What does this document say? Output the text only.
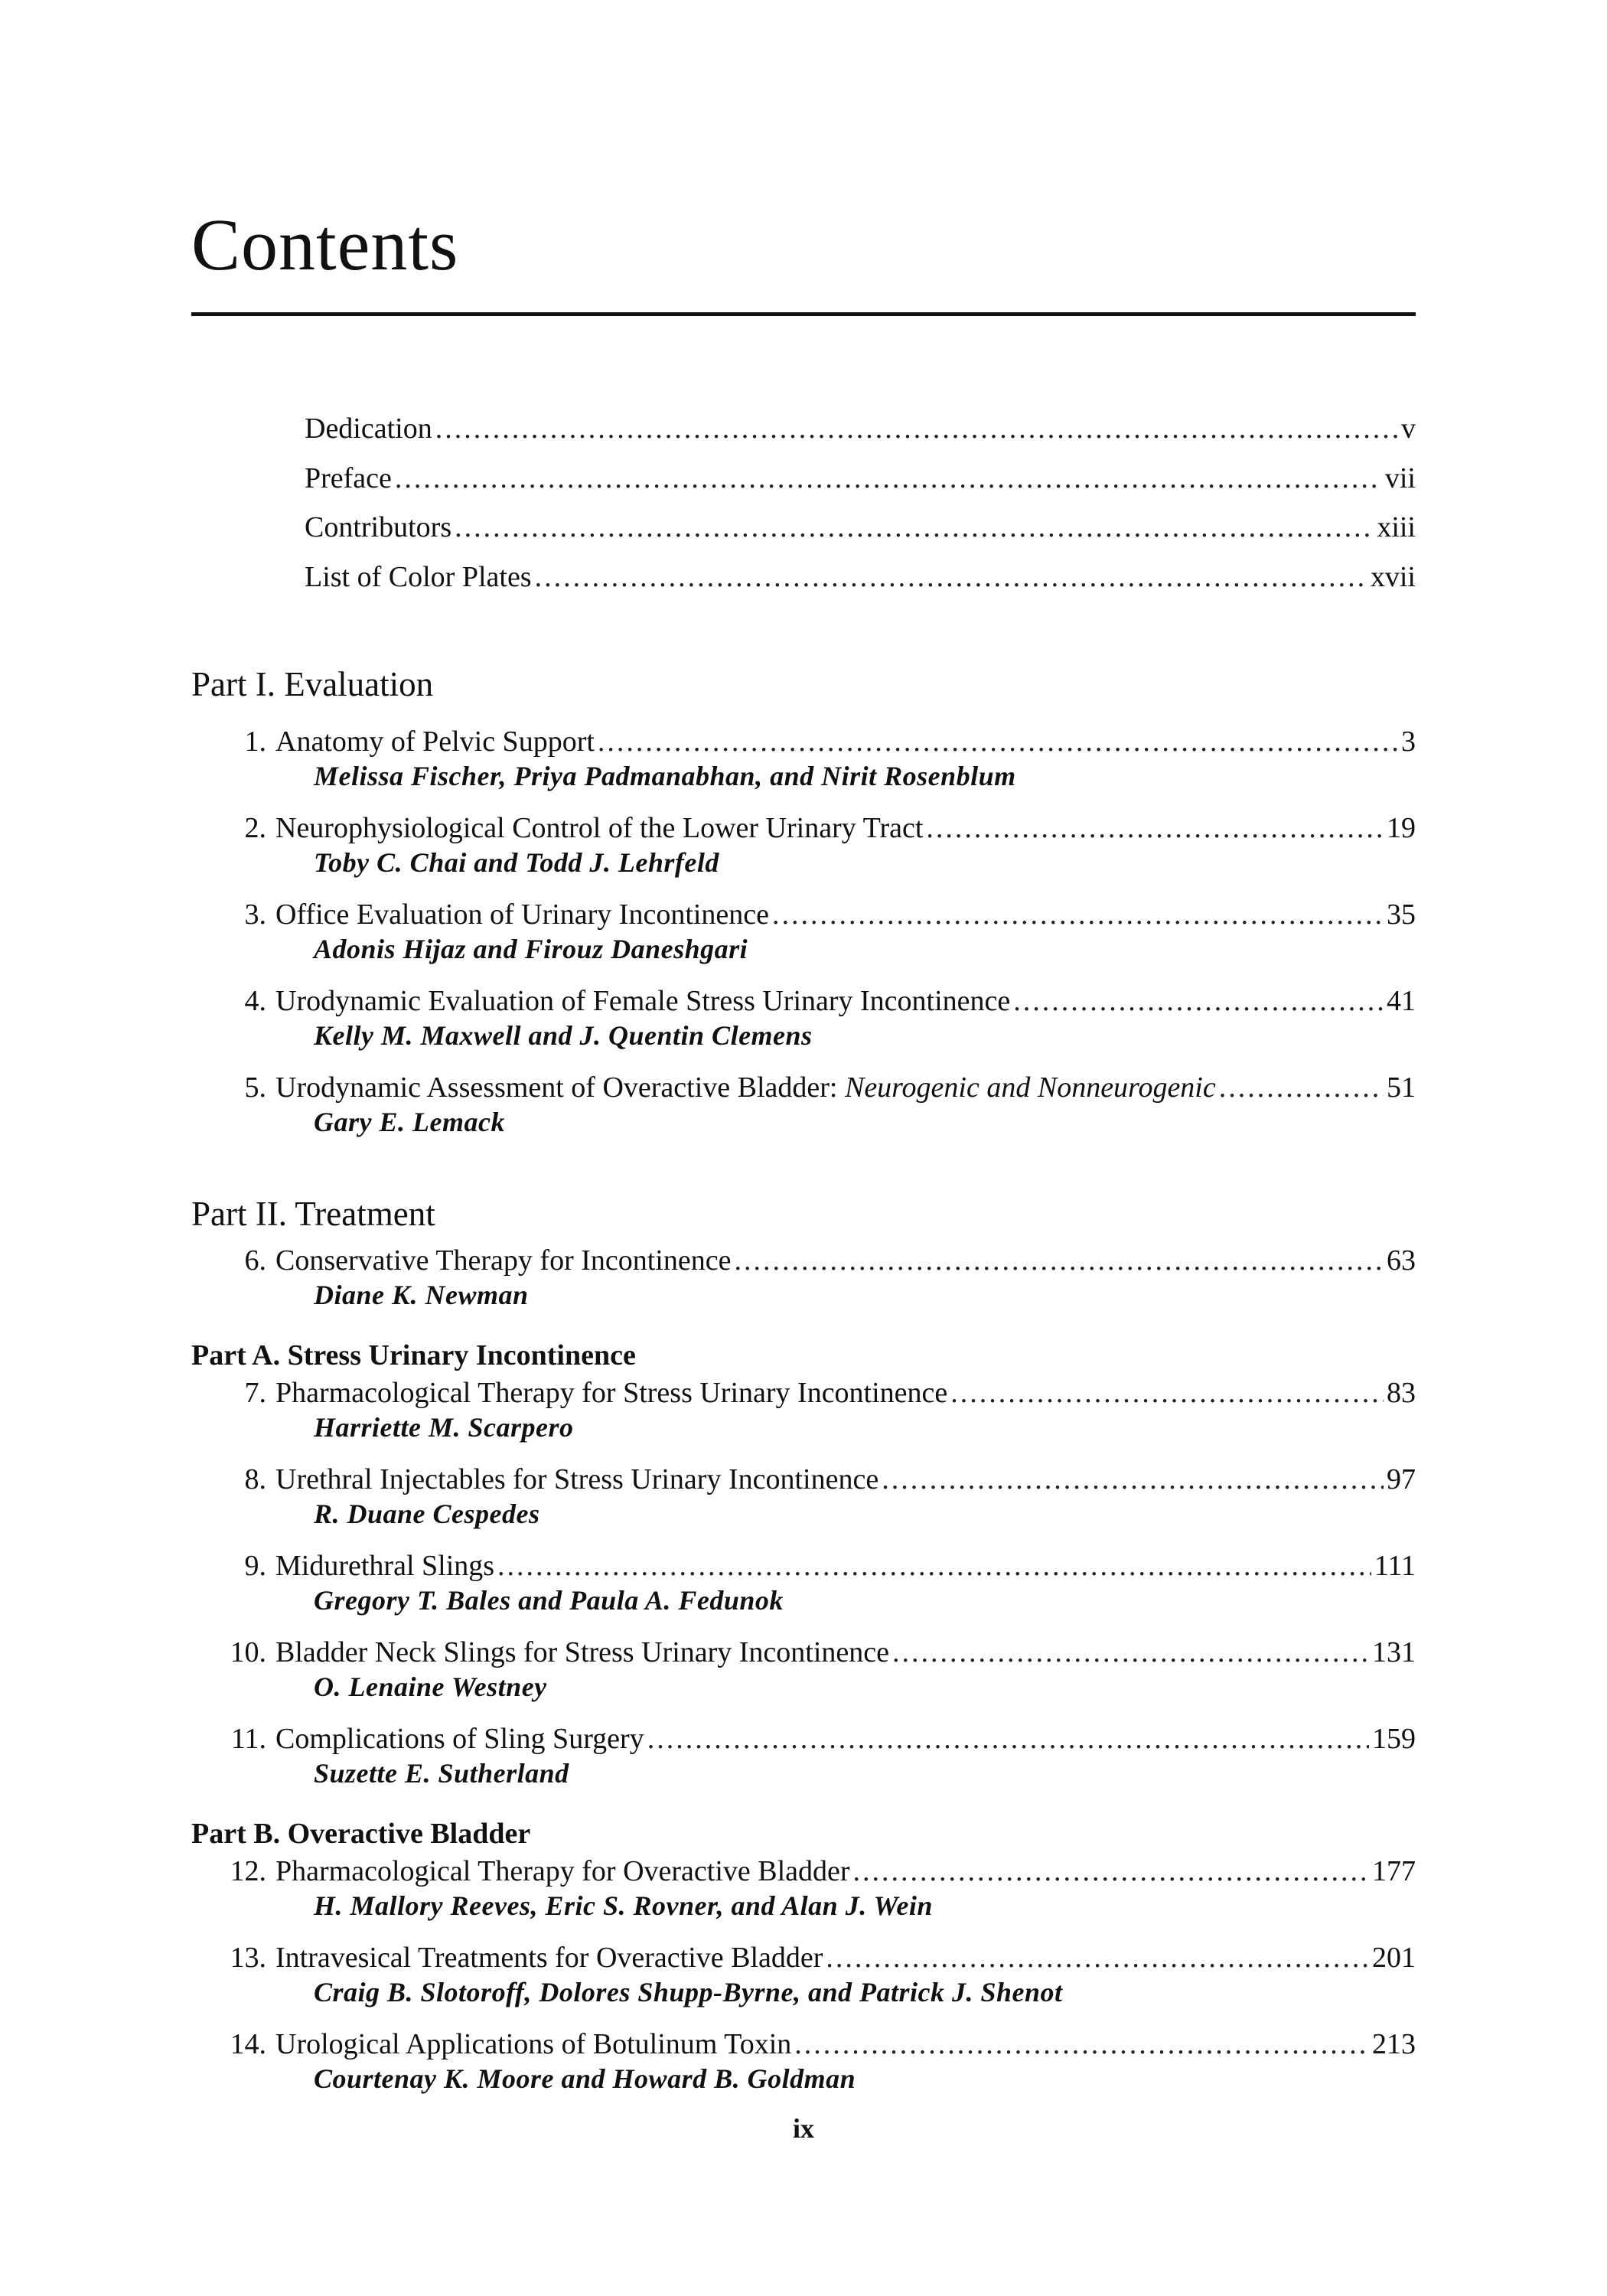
Contents
Dedication .....	v
Preface .....	vii
Contributors .....	xiii
List of Color Plates .....	xvii
Part I. Evaluation
1. Anatomy of Pelvic Support .....	3
Melissa Fischer, Priya Padmanabhan, and Nirit Rosenblum
2. Neurophysiological Control of the Lower Urinary Tract .....	19
Toby C. Chai and Todd J. Lehrfeld
3. Office Evaluation of Urinary Incontinence .....	35
Adonis Hijaz and Firouz Daneshgari
4. Urodynamic Evaluation of Female Stress Urinary Incontinence .....	41
Kelly M. Maxwell and J. Quentin Clemens
5. Urodynamic Assessment of Overactive Bladder: Neurogenic and Nonneurogenic .....	51
Gary E. Lemack
Part II. Treatment
6. Conservative Therapy for Incontinence .....	63
Diane K. Newman
Part A. Stress Urinary Incontinence
7. Pharmacological Therapy for Stress Urinary Incontinence .....	83
Harriette M. Scarpero
8. Urethral Injectables for Stress Urinary Incontinence .....	97
R. Duane Cespedes
9. Midurethral Slings .....	111
Gregory T. Bales and Paula A. Fedunok
10. Bladder Neck Slings for Stress Urinary Incontinence .....	131
O. Lenaine Westney
11. Complications of Sling Surgery .....	159
Suzette E. Sutherland
Part B. Overactive Bladder
12. Pharmacological Therapy for Overactive Bladder .....	177
H. Mallory Reeves, Eric S. Rovner, and Alan J. Wein
13. Intravesical Treatments for Overactive Bladder .....	201
Craig B. Slotoroff, Dolores Shupp-Byrne, and Patrick J. Shenot
14. Urological Applications of Botulinum Toxin .....	213
Courtenay K. Moore and Howard B. Goldman
ix
